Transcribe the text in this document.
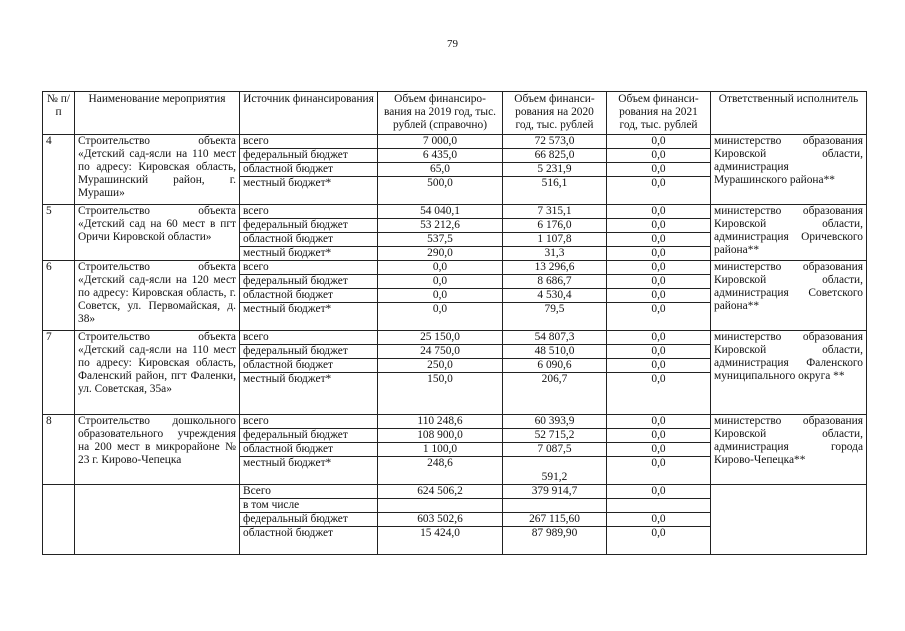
79
№ п/п	Наименование мероприятия	Источник финансирования	Объем финансиро-вания на 2019 год, тыс. рублей (справочно)	Объем финанси-рования на 2020 год, тыс. рублей	Объем финанси-рования на 2021 год, тыс. рублей	Ответственный исполнитель
4	Строительство объекта «Детский сад-ясли на 110 мест по адресу: Кировская область, Мурашинский район, г. Мураши»	всего	7 000,0	72 573,0	0,0	министерство образования Кировской области, администрация Мурашинского района**
		федеральный бюджет	6 435,0	66 825,0	0,0	
		областной бюджет	65,0	5 231,9	0,0	
		местный бюджет*	500,0	516,1	0,0	
5	Строительство объекта «Детский сад на 60 мест в пгт Оричи Кировской области»	всего	54 040,1	7 315,1	0,0	министерство образования Кировской области, администрация Оричевского района**
		федеральный бюджет	53 212,6	6 176,0	0,0	
		областной бюджет	537,5	1 107,8	0,0	
		местный бюджет*	290,0	31,3	0,0	
6	Строительство объекта «Детский сад-ясли на 120 мест по адресу: Кировская область, г. Советск, ул. Первомайская, д. 38»	всего	0,0	13 296,6	0,0	министерство образования Кировской области, администрация Советского района**
		федеральный бюджет	0,0	8 686,7	0,0	
		областной бюджет	0,0	4 530,4	0,0	
		местный бюджет*	0,0	79,5	0,0	
7	Строительство объекта «Детский сад-ясли на 110 мест по адресу: Кировская область, Фаленский район, пгт Фаленки, ул. Советская, 35а»	всего	25 150,0	54 807,3	0,0	министерство образования Кировской области, администрация Фаленского муниципального округа **
		федеральный бюджет	24 750,0	48 510,0	0,0	
		областной бюджет	250,0	6 090,6	0,0	
		местный бюджет*	150,0	206,7	0,0	
8	Строительство дошкольного образовательного учреждения на 200 мест в микрорайоне № 23 г. Кирово-Чепецка	всего	110 248,6	60 393,9	0,0	министерство образования Кировской области, администрация города Кирово-Чепецка**
		федеральный бюджет	108 900,0	52 715,2	0,0	
		областной бюджет	1 100,0	7 087,5	0,0	
		местный бюджет*	248,6	591,2	0,0	
		Всего	624 506,2	379 914,7	0,0	
		в том числе				
		федеральный бюджет	603 502,6	267 115,60	0,0	
		областной бюджет	15 424,0	87 989,90	0,0	
